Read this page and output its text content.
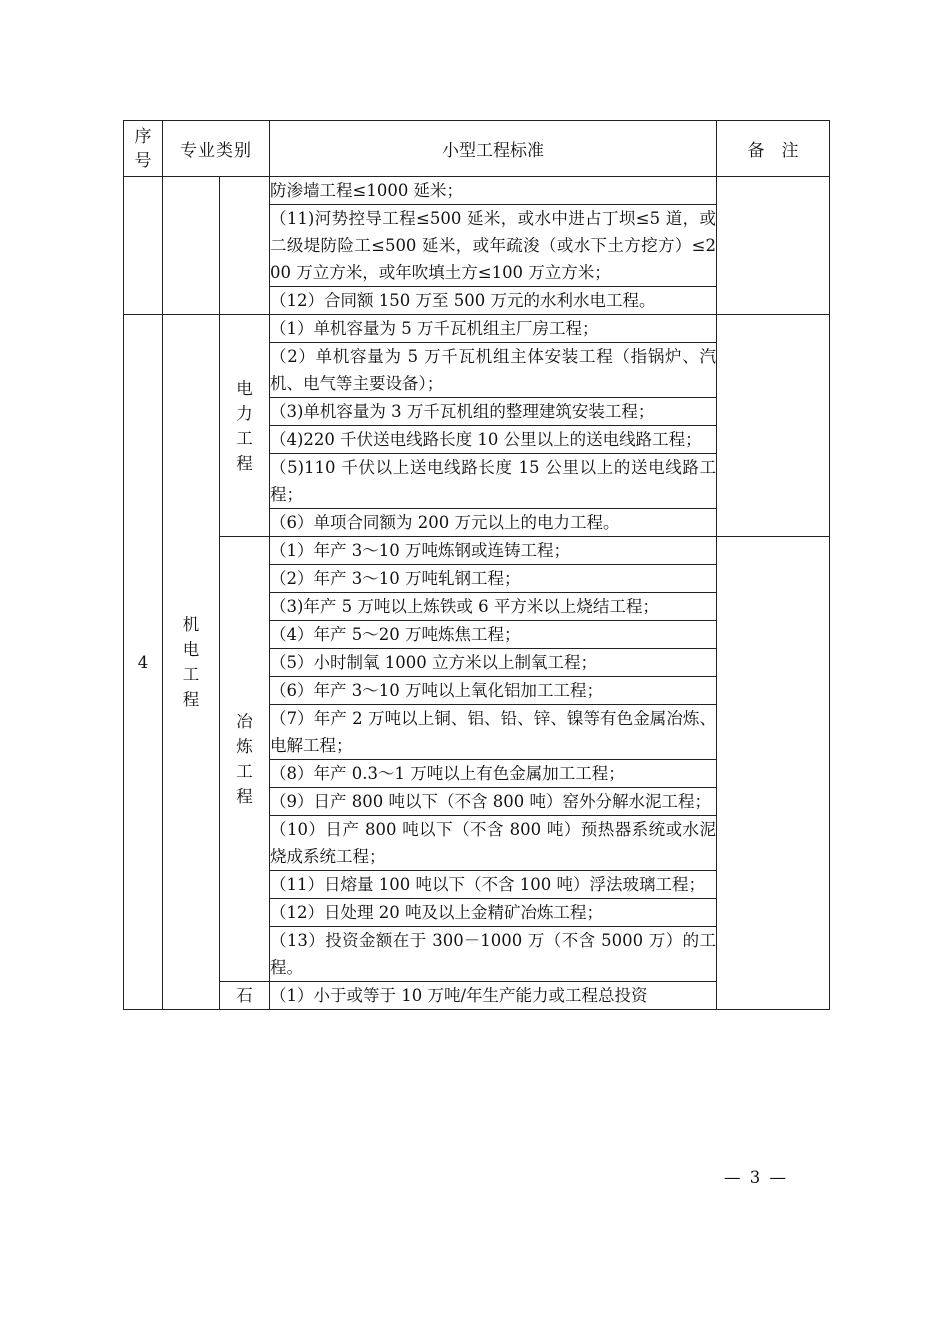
序号	专业类别		小型工程标准	备　注
			防渗墙工程≤1000 延米；	
			（11)河势控导工程≤500 延米，或水中进占丁坝≤5 道，或二级堤防险工≤500 延米，或年疏浚（或水下土方挖方）≤200 万立方米，或年吹填土方≤100 万立方米；	
			（12）合同额 150 万至 500 万元的水利水电工程。	
4	机电工程	电力工程	（1）单机容量为 5 万千瓦机组主厂房工程；	
			（2）单机容量为 5 万千瓦机组主体安装工程（指锅炉、汽机、电气等主要设备）；	
			（3)单机容量为 3 万千瓦机组的整理建筑安装工程；	
			（4)220 千伏送电线路长度 10 公里以上的送电线路工程；	
			（5)110 千伏以上送电线路长度 15 公里以上的送电线路工程；	
			（6）单项合同额为 200 万元以上的电力工程。	
		冶炼工程	（1）年产 3～10 万吨炼钢或连铸工程；	
			（2）年产 3～10 万吨轧钢工程；	
			（3)年产 5 万吨以上炼铁或 6 平方米以上烧结工程；	
			（4）年产 5～20 万吨炼焦工程；	
			（5）小时制氧 1000 立方米以上制氧工程；	
			（6）年产 3～10 万吨以上氧化铝加工工程；	
			（7）年产 2 万吨以上铜、铝、铅、锌、镍等有色金属冶炼、电解工程；	
			（8）年产 0.3～1 万吨以上有色金属加工工程；	
			（9）日产 800 吨以下（不含 800 吨）窑外分解水泥工程；	
			（10）日产 800 吨以下（不含 800 吨）预热器系统或水泥烧成系统工程；	
			（11）日熔量 100 吨以下（不含 100 吨）浮法玻璃工程；	
			（12）日处理 20 吨及以上金精矿冶炼工程；	
			（13）投资金额在于 300－1000 万（不含 5000 万）的工程。	
		石	（1）小于或等于 10 万吨/年生产能力或工程总投资	
— 3 —
